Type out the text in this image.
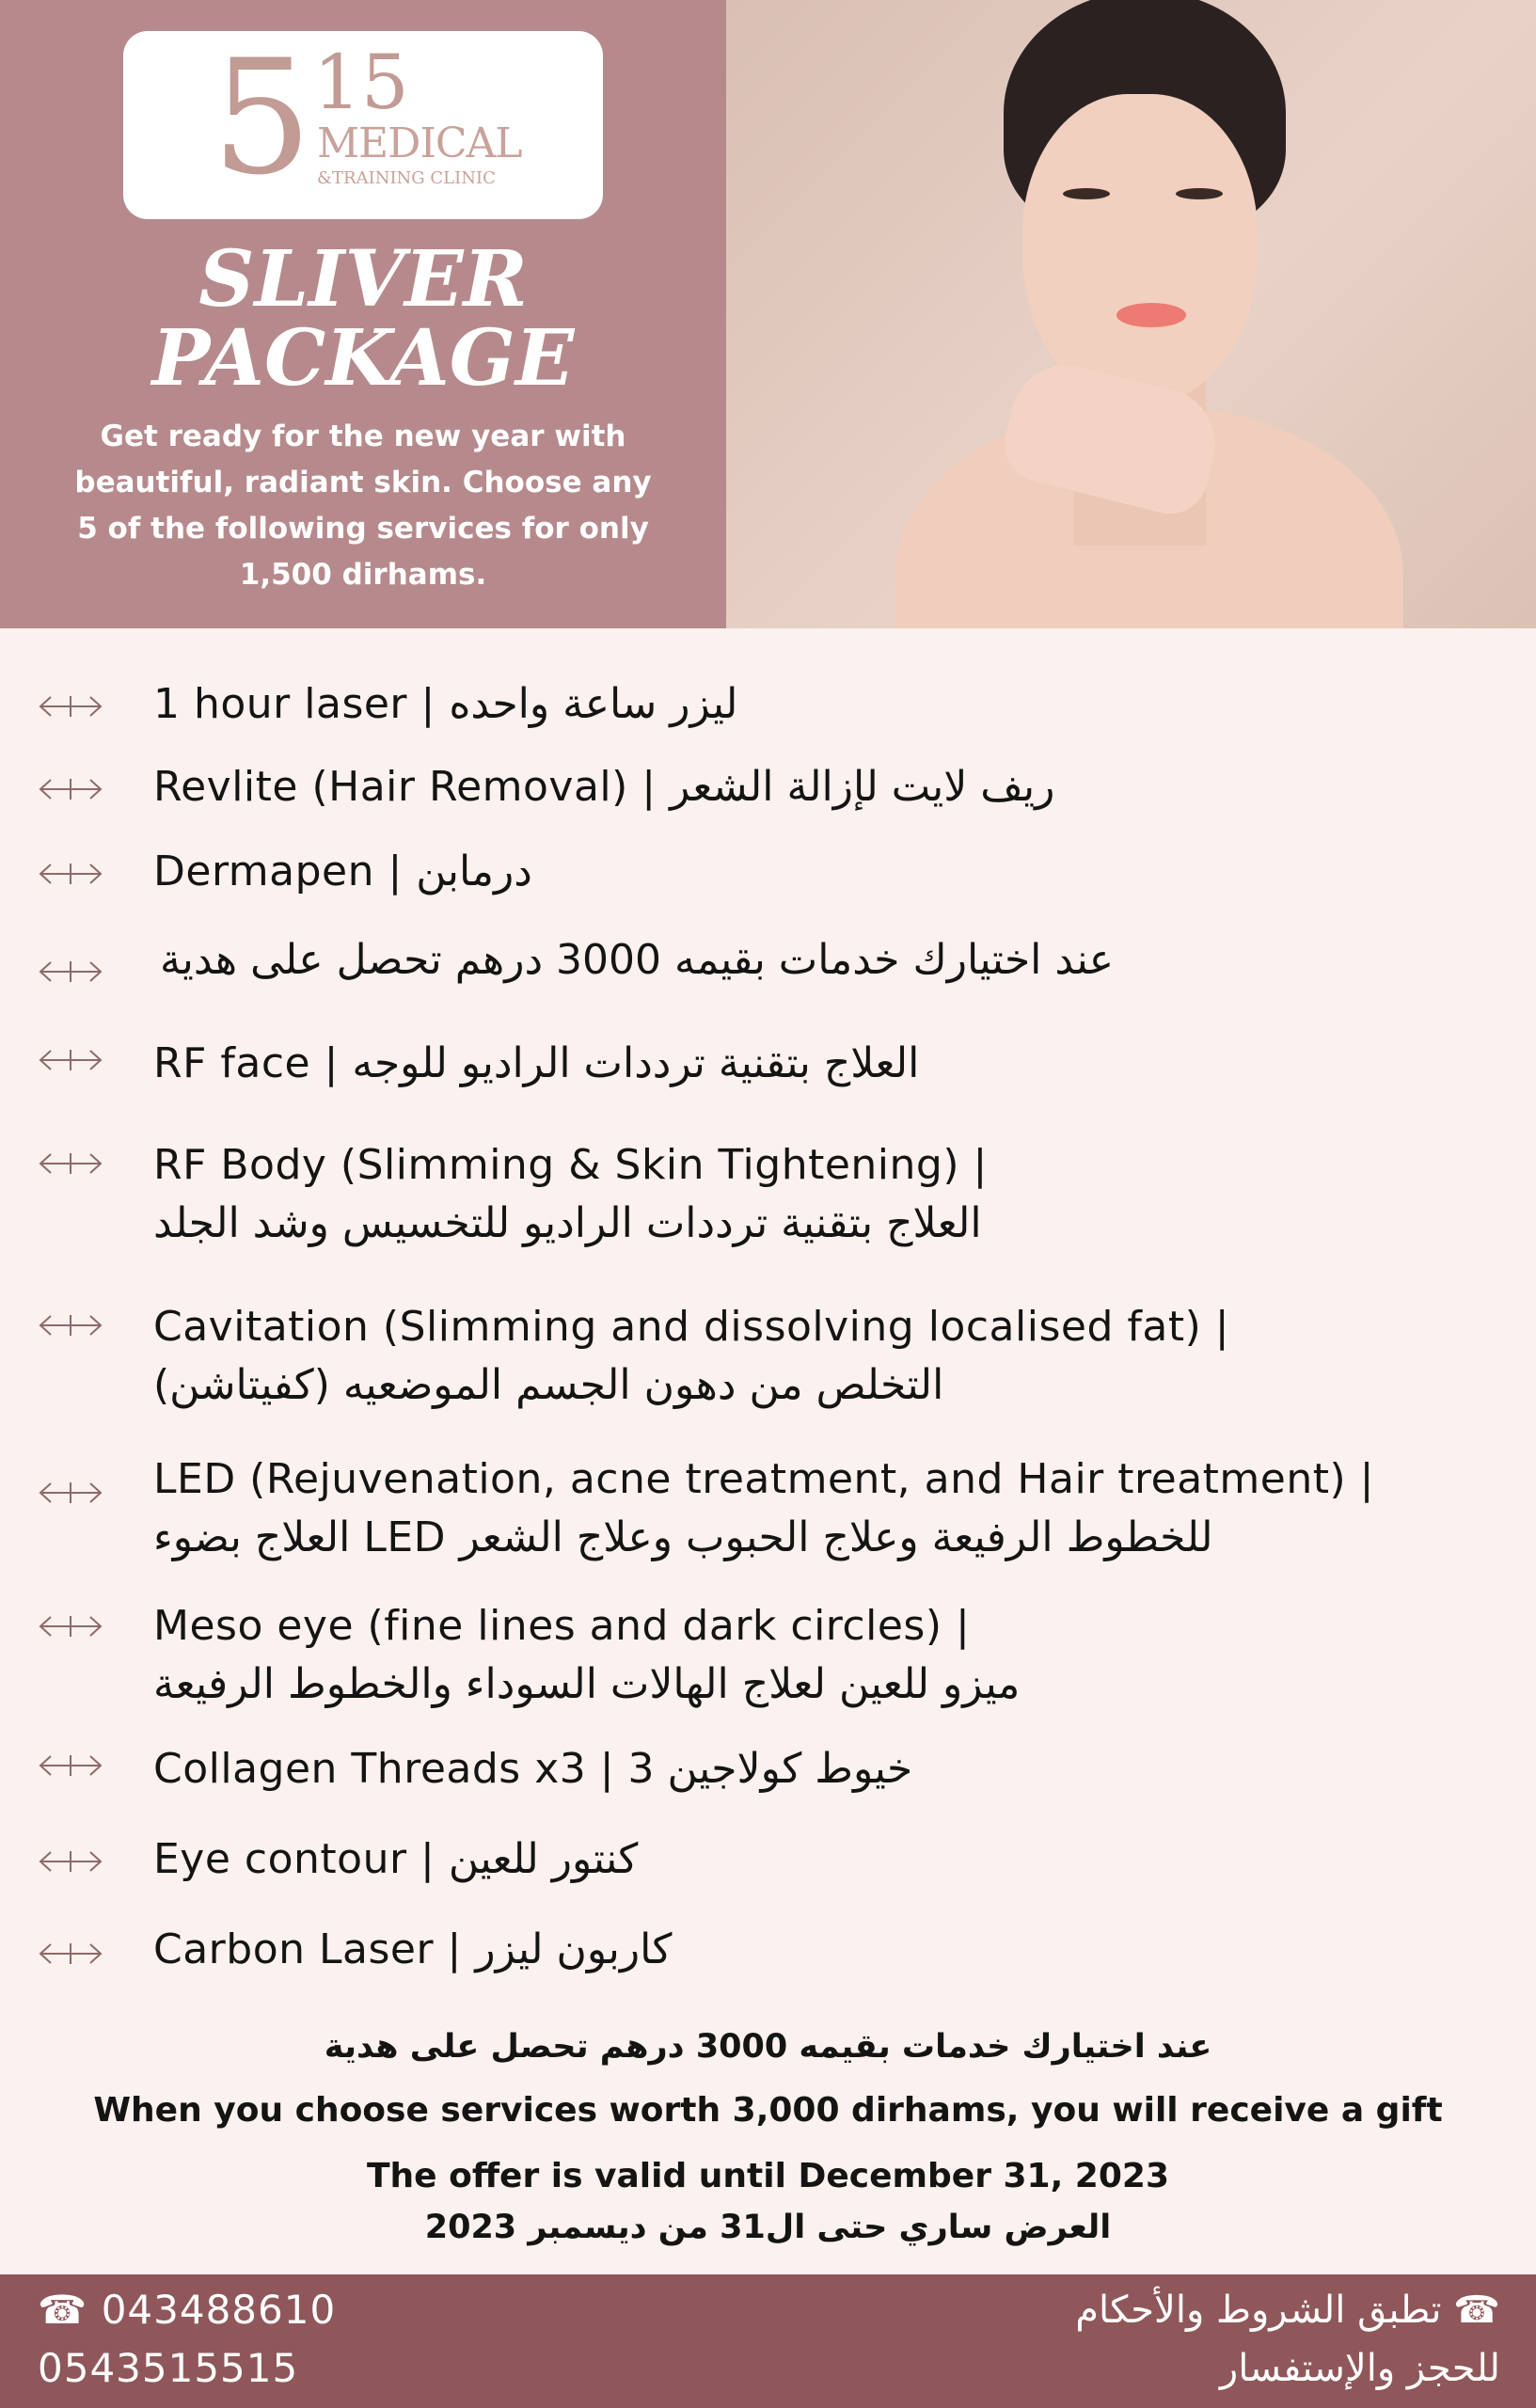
5 15
MEDICAL
&TRAINING CLINIC
SLIVER
PACKAGE
Get ready for the new year with beautiful, radiant skin. Choose any 5 of the following services for only 1,500 dirhams.
1 hour laser | ليزر ساعة واحده
Revlite (Hair Removal) | ريف لايت لإزالة الشعر
Dermapen | درمابن
عند اختيارك خدمات بقيمه 3000 درهم تحصل على هدية
RF face | العلاج بتقنية ترددات الراديو للوجه
RF Body (Slimming & Skin Tightening) |
العلاج بتقنية ترددات الراديو للتخسيس وشد الجلد
Cavitation (Slimming and dissolving localised fat) |
التخلص من دهون الجسم الموضعيه (كفيتاشن)
LED (Rejuvenation, acne treatment, and Hair treatment) |
العلاج بضوء LED للخطوط الرفيعة وعلاج الحبوب وعلاج الشعر
Meso eye (fine lines and dark circles) |
ميزو للعين لعلاج الهالات السوداء والخطوط الرفيعة
Collagen Threads x3 | خيوط كولاجين 3
Eye contour | كنتور للعين
Carbon Laser | كاربون ليزر
عند اختيارك خدمات بقيمه 3000 درهم تحصل على هدية
When you choose services worth 3,000 dirhams, you will receive a gift
The offer is valid until December 31, 2023
العرض ساري حتى ال31 من ديسمبر 2023
☎ 043488610
0543515515
تطبق الشروط والأحكام ☎
للحجز والإستفسار
